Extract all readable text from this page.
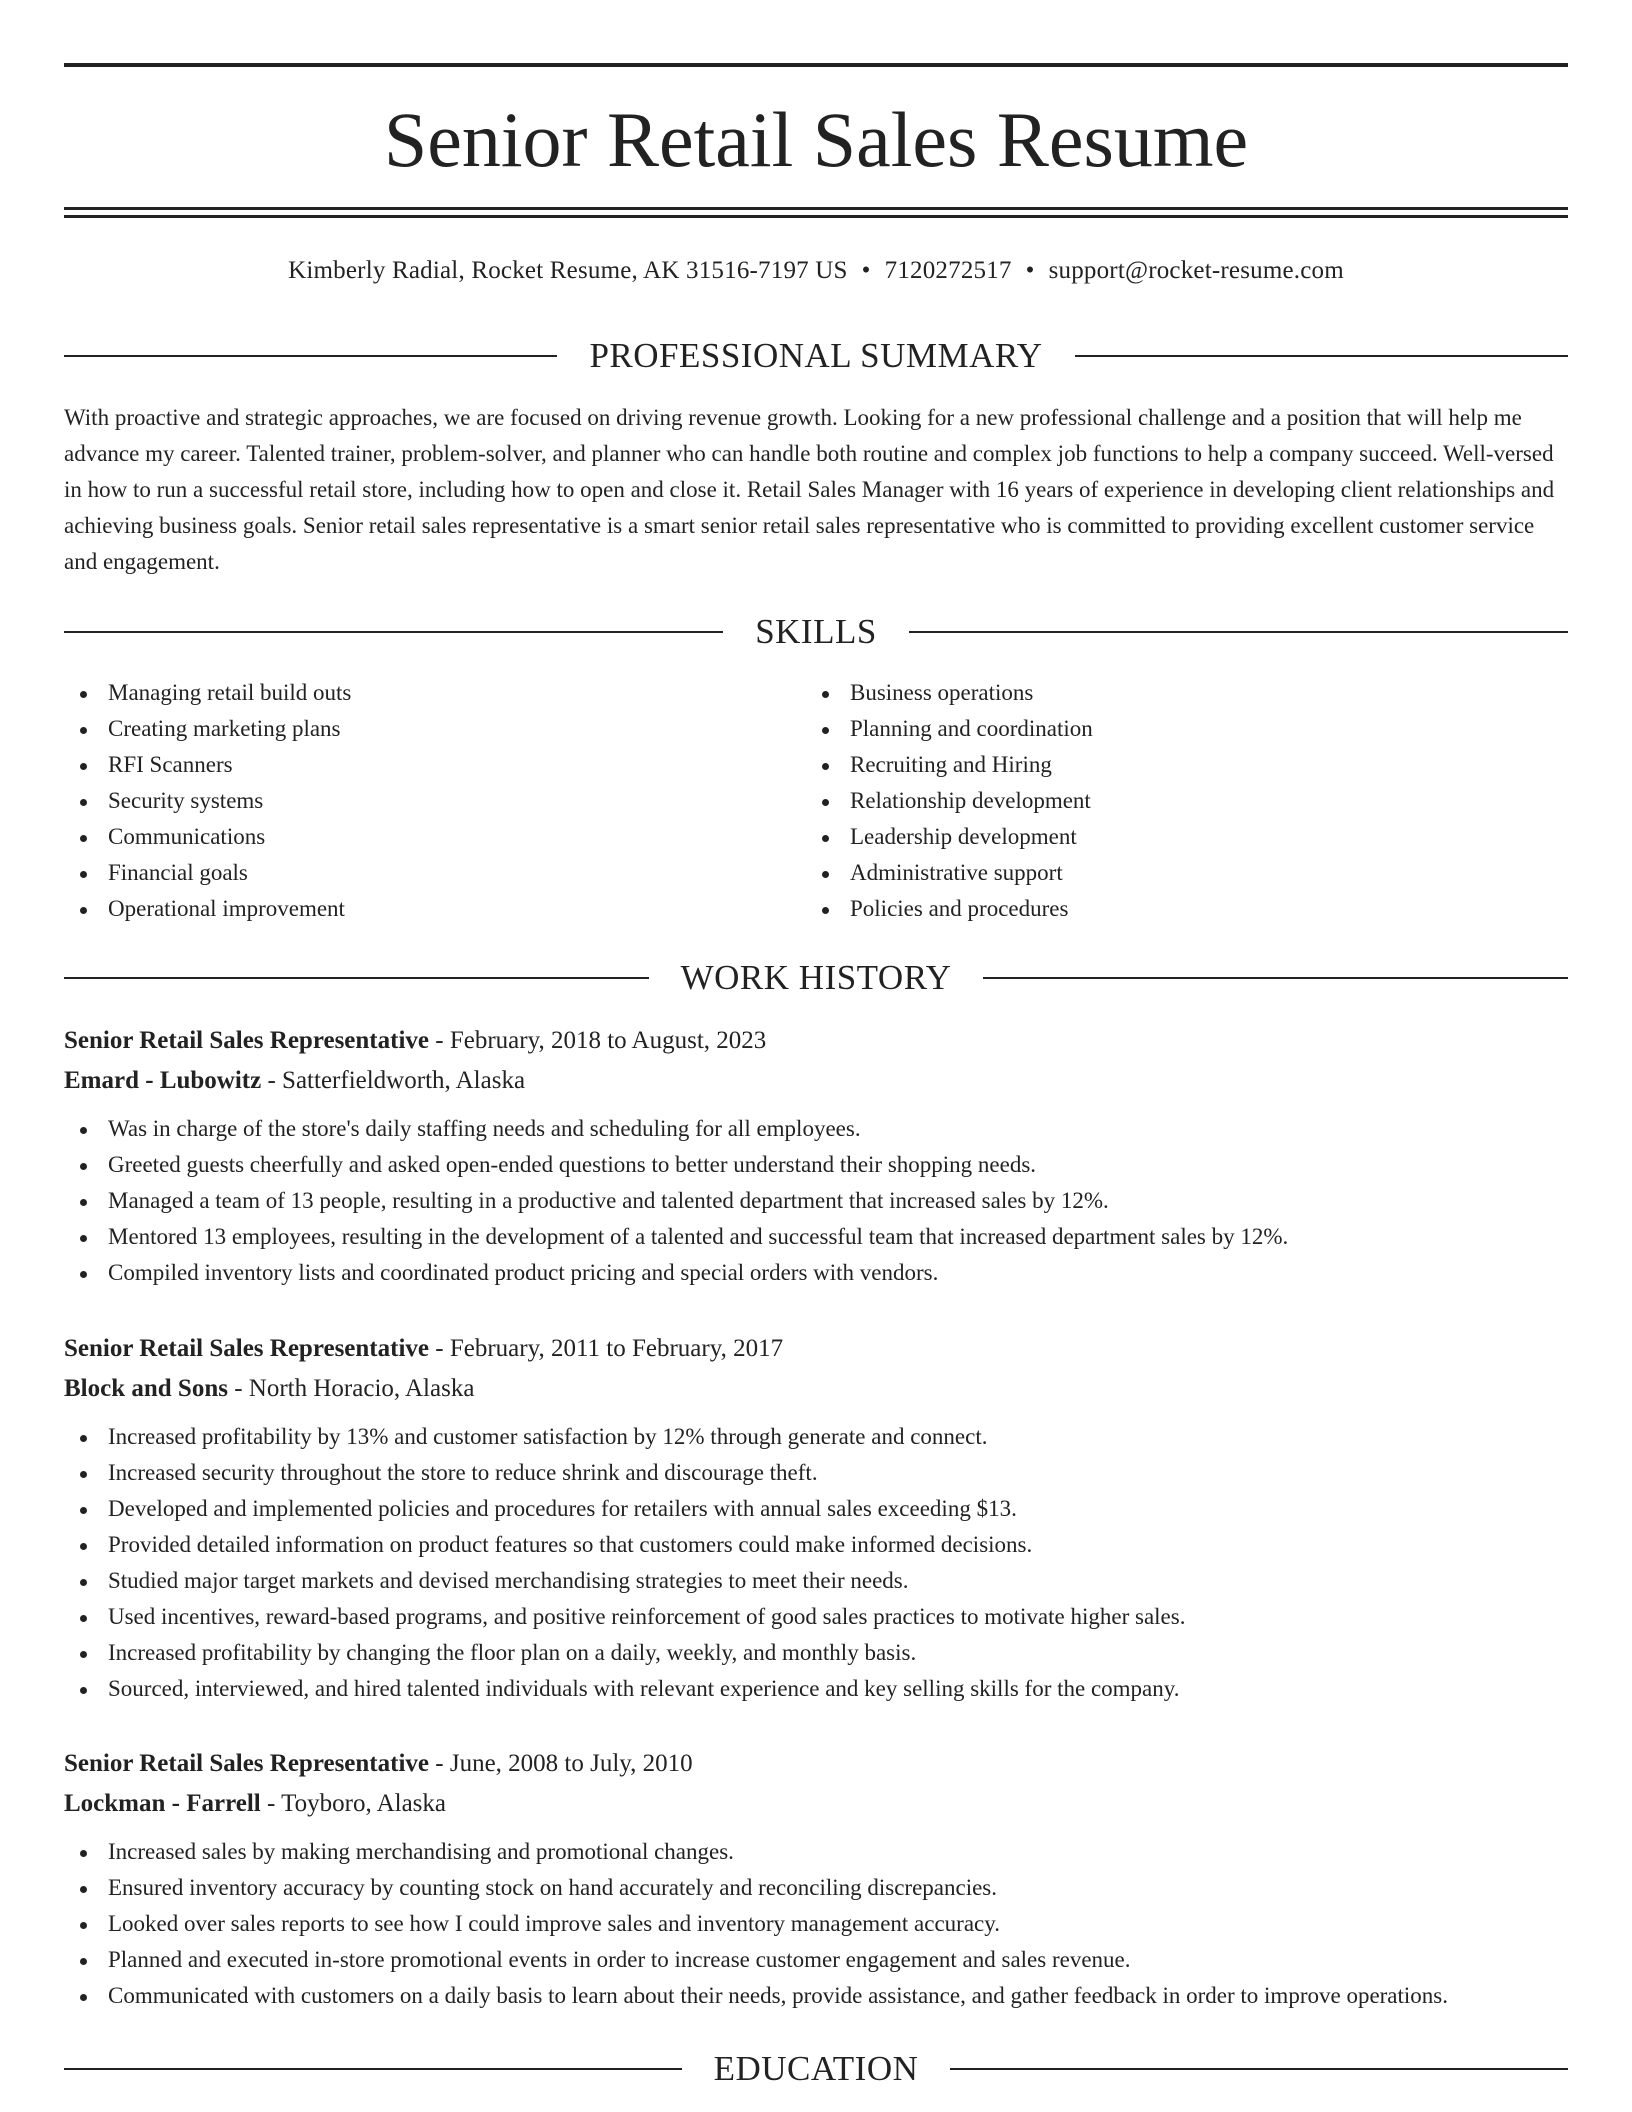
Senior Retail Sales Resume
Kimberly Radial, Rocket Resume, AK 31516-7197 US • 7120272517 • support@rocket-resume.com
PROFESSIONAL SUMMARY

With proactive and strategic approaches, we are focused on driving revenue growth. Looking for a new professional challenge and a position that will help me advance my career. Talented trainer, problem-solver, and planner who can handle both routine and complex job functions to help a company succeed. Well-versed in how to run a successful retail store, including how to open and close it. Retail Sales Manager with 16 years of experience in developing client relationships and achieving business goals. Senior retail sales representative is a smart senior retail sales representative who is committed to providing excellent customer service and engagement.

SKILLS
Managing retail build outs
Creating marketing plans
RFI Scanners
Security systems
Communications
Financial goals
Operational improvement
Business operations
Planning and coordination
Recruiting and Hiring
Relationship development
Leadership development
Administrative support
Policies and procedures
WORK HISTORY
Senior Retail Sales Representative - February, 2018 to August, 2023
Emard - Lubowitz - Satterfieldworth, Alaska
Was in charge of the store's daily staffing needs and scheduling for all employees.
Greeted guests cheerfully and asked open-ended questions to better understand their shopping needs.
Managed a team of 13 people, resulting in a productive and talented department that increased sales by 12%.
Mentored 13 employees, resulting in the development of a talented and successful team that increased department sales by 12%.
Compiled inventory lists and coordinated product pricing and special orders with vendors.
Senior Retail Sales Representative - February, 2011 to February, 2017
Block and Sons - North Horacio, Alaska
Increased profitability by 13% and customer satisfaction by 12% through generate and connect.
Increased security throughout the store to reduce shrink and discourage theft.
Developed and implemented policies and procedures for retailers with annual sales exceeding $13.
Provided detailed information on product features so that customers could make informed decisions.
Studied major target markets and devised merchandising strategies to meet their needs.
Used incentives, reward-based programs, and positive reinforcement of good sales practices to motivate higher sales.
Increased profitability by changing the floor plan on a daily, weekly, and monthly basis.
Sourced, interviewed, and hired talented individuals with relevant experience and key selling skills for the company.
Senior Retail Sales Representative - June, 2008 to July, 2010
Lockman - Farrell - Toyboro, Alaska
Increased sales by making merchandising and promotional changes.
Ensured inventory accuracy by counting stock on hand accurately and reconciling discrepancies.
Looked over sales reports to see how I could improve sales and inventory management accuracy.
Planned and executed in-store promotional events in order to increase customer engagement and sales revenue.
Communicated with customers on a daily basis to learn about their needs, provide assistance, and gather feedback in order to improve operations.
EDUCATION
